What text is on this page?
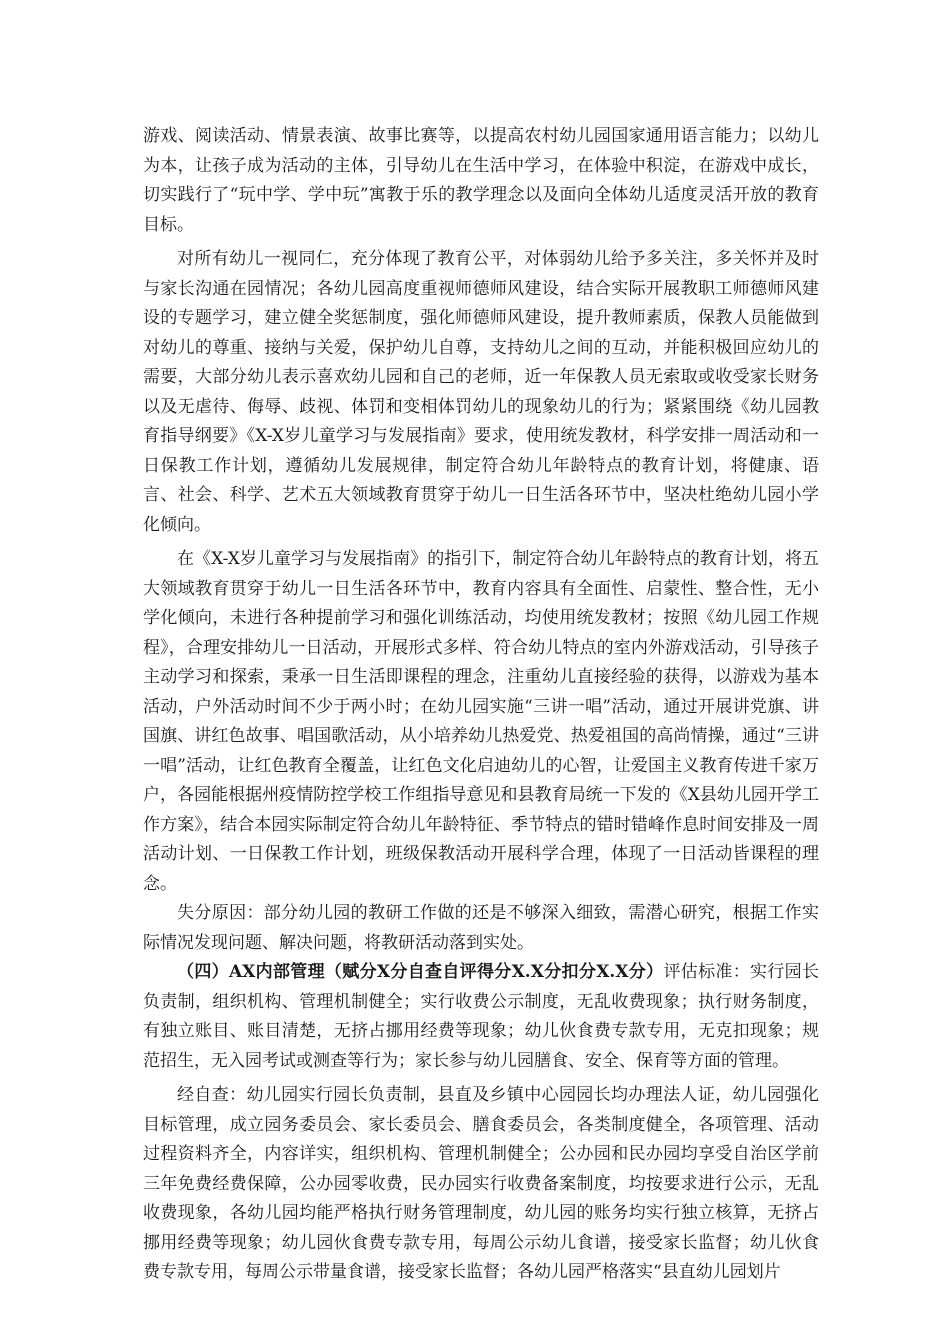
游戏、阅读活动、情景表演、故事比赛等，以提高农村幼儿园国家通用语言能力；以幼儿为本，让孩子成为活动的主体，引导幼儿在生活中学习，在体验中积淀，在游戏中成长，切实践行了“玩中学、学中玩”寓教于乐的教学理念以及面向全体幼儿适度灵活开放的教育目标。

对所有幼儿一视同仁，充分体现了教育公平，对体弱幼儿给予多关注，多关怀并及时与家长沟通在园情况；各幼儿园高度重视师德师风建设，结合实际开展教职工师德师风建设的专题学习，建立健全奖惩制度，强化师德师风建设，提升教师素质，保教人员能做到对幼儿的尊重、接纳与关爱，保护幼儿自尊，支持幼儿之间的互动，并能积极回应幼儿的需要，大部分幼儿表示喜欢幼儿园和自己的老师，近一年保教人员无索取或收受家长财务以及无虐待、侮辱、歧视、体罚和变相体罚幼儿的现象幼儿的行为；紧紧围绕《幼儿园教育指导纲要》《X-X岁儿童学习与发展指南》要求，使用统发教材，科学安排一周活动和一日保教工作计划，遵循幼儿发展规律，制定符合幼儿年龄特点的教育计划，将健康、语言、社会、科学、艺术五大领域教育贯穿于幼儿一日生活各环节中，坚决杜绝幼儿园小学化倾向。

在《X-X岁儿童学习与发展指南》的指引下，制定符合幼儿年龄特点的教育计划，将五大领域教育贯穿于幼儿一日生活各环节中，教育内容具有全面性、启蒙性、整合性，无小学化倾向，未进行各种提前学习和强化训练活动，均使用统发教材；按照《幼儿园工作规程》，合理安排幼儿一日活动，开展形式多样、符合幼儿特点的室内外游戏活动，引导孩子主动学习和探索，秉承一日生活即课程的理念，注重幼儿直接经验的获得，以游戏为基本活动，户外活动时间不少于两小时；在幼儿园实施“三讲一唱”活动，通过开展讲党旗、讲国旗、讲红色故事、唱国歌活动，从小培养幼儿热爱党、热爱祖国的高尚情操，通过“三讲一唱”活动，让红色教育全覆盖，让红色文化启迪幼儿的心智，让爱国主义教育传进千家万户，各园能根据州疫情防控学校工作组指导意见和县教育局统一下发的《X县幼儿园开学工作方案》，结合本园实际制定符合幼儿年龄特征、季节特点的错时错峰作息时间安排及一周活动计划、一日保教工作计划，班级保教活动开展科学合理，体现了一日活动皆课程的理念。

失分原因：部分幼儿园的教研工作做的还是不够深入细致，需潜心研究，根据工作实际情况发现问题、解决问题，将教研活动落到实处。

（四）AX内部管理（赋分X分自查自评得分X.X分扣分X.X分）评估标准：实行园长负责制，组织机构、管理机制健全；实行收费公示制度，无乱收费现象；执行财务制度，有独立账目、账目清楚，无挤占挪用经费等现象；幼儿伙食费专款专用，无克扣现象；规范招生，无入园考试或测查等行为；家长参与幼儿园膳食、安全、保育等方面的管理。

经自查：幼儿园实行园长负责制，县直及乡镇中心园园长均办理法人证，幼儿园强化目标管理，成立园务委员会、家长委员会、膳食委员会，各类制度健全，各项管理、活动过程资料齐全，内容详实，组织机构、管理机制健全；公办园和民办园均享受自治区学前三年免费经费保障，公办园零收费，民办园实行收费备案制度，均按要求进行公示，无乱收费现象，各幼儿园均能严格执行财务管理制度，幼儿园的账务均实行独立核算，无挤占挪用经费等现象；幼儿园伙食费专款专用，每周公示幼儿食谱，接受家长监督；幼儿伙食费专款专用，每周公示带量食谱，接受家长监督；各幼儿园严格落实“县直幼儿园划片
